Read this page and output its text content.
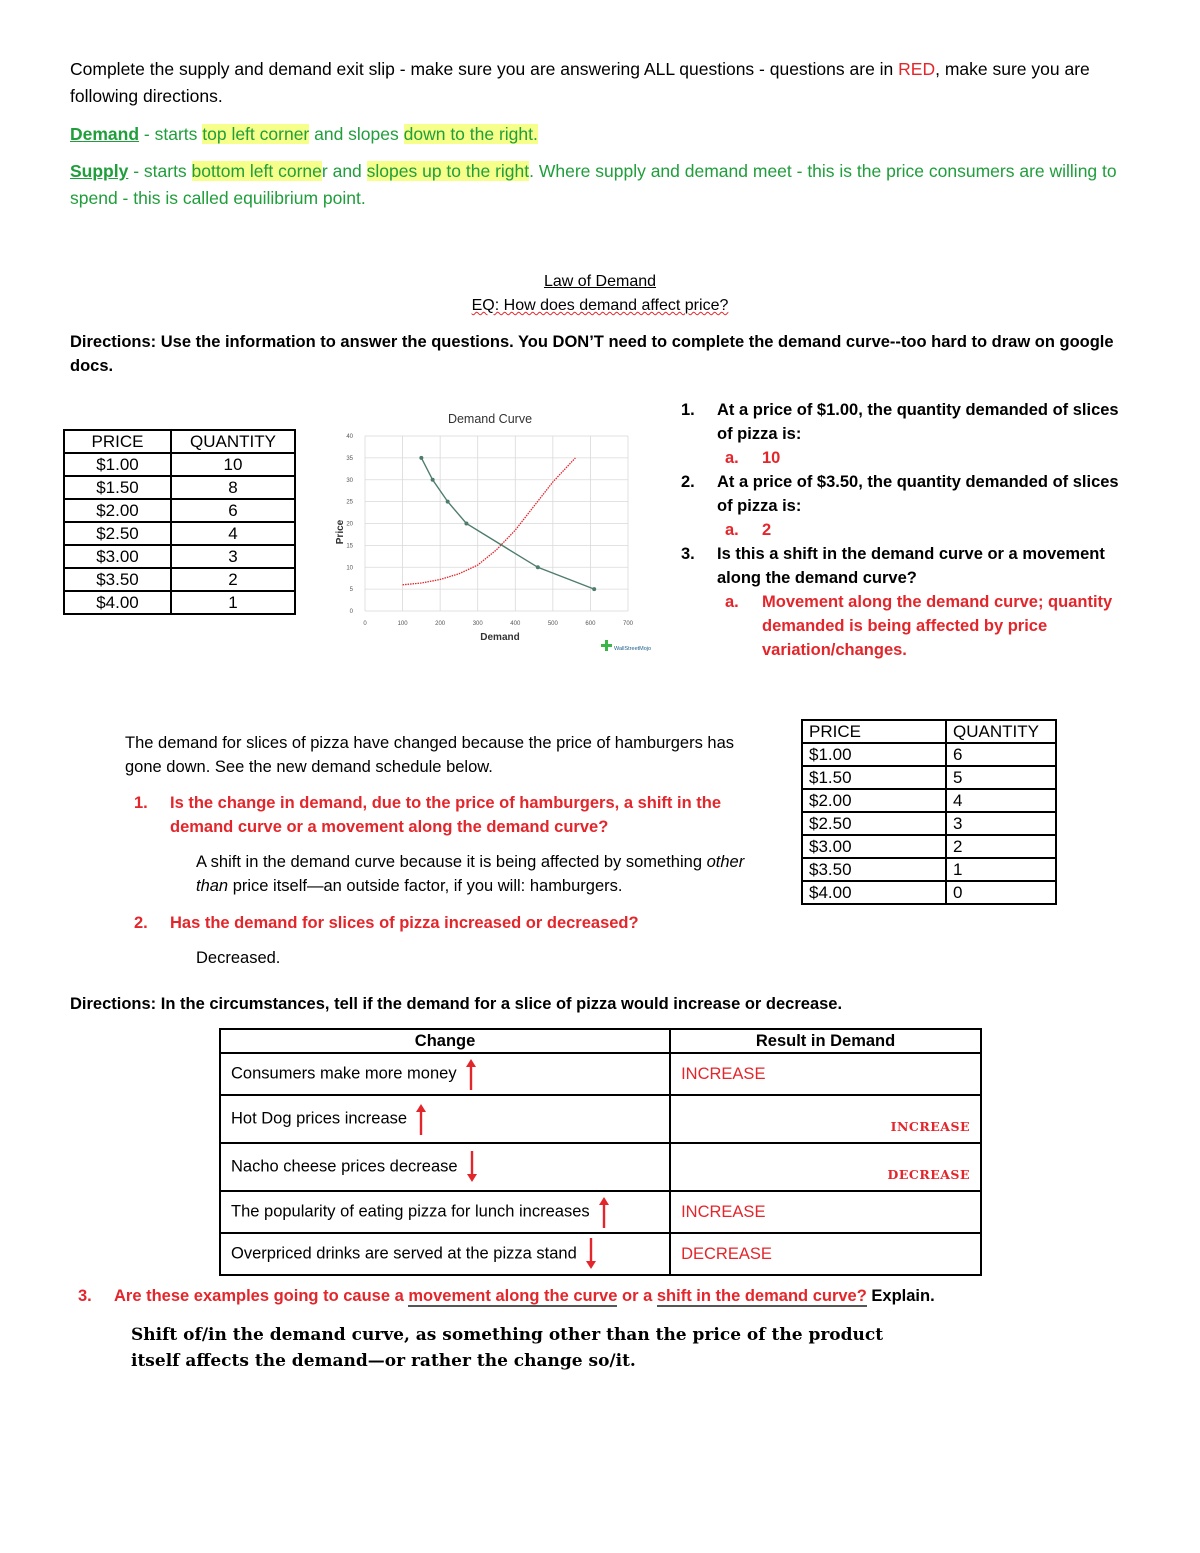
Complete the supply and demand exit slip - make sure you are answering ALL questions - questions are in RED, make sure you are following directions.
Demand - starts top left corner and slopes down to the right.
Supply - starts bottom left corner and slopes up to the right. Where supply and demand meet - this is the price consumers are willing to spend - this is called equilibrium point.
Law of Demand
EQ: How does demand affect price?
Directions: Use the information to answer the questions. You DON’T need to complete the demand curve--too hard to draw on google docs.
PRICE	QUANTITY
$1.00	10
$1.50	8
$2.00	6
$2.50	4
$3.00	3
$3.50	2
$4.00	1
Demand Curve
0
5
10
15
20
25
30
35
40
0	100	200	300	400	500	600	700
Price
Demand
WallStreetMojo
1. At a price of $1.00, the quantity demanded of slices of pizza is:
a. 10
2. At a price of $3.50, the quantity demanded of slices of pizza is:
a. 2
3. Is this a shift in the demand curve or a movement along the demand curve?
a. Movement along the demand curve; quantity demanded is being affected by price variation/changes.
The demand for slices of pizza have changed because the price of hamburgers has gone down. See the new demand schedule below.
1. Is the change in demand, due to the price of hamburgers, a shift in the demand curve or a movement along the demand curve?
A shift in the demand curve because it is being affected by something other than price itself—an outside factor, if you will: hamburgers.
2. Has the demand for slices of pizza increased or decreased?
Decreased.
PRICE	QUANTITY
$1.00	6
$1.50	5
$2.00	4
$2.50	3
$3.00	2
$3.50	1
$4.00	0
Directions: In the circumstances, tell if the demand for a slice of pizza would increase or decrease.
Change	Result in Demand
Consumers make more money	INCREASE
Hot Dog prices increase	INCREASE
Nacho cheese prices decrease	DECREASE
The popularity of eating pizza for lunch increases	INCREASE
Overpriced drinks are served at the pizza stand	DECREASE
3. Are these examples going to cause a movement along the curve or a shift in the demand curve? Explain.
Shift of/in the demand curve, as something other than the price of the product itself affects the demand—or rather the change so/it.
